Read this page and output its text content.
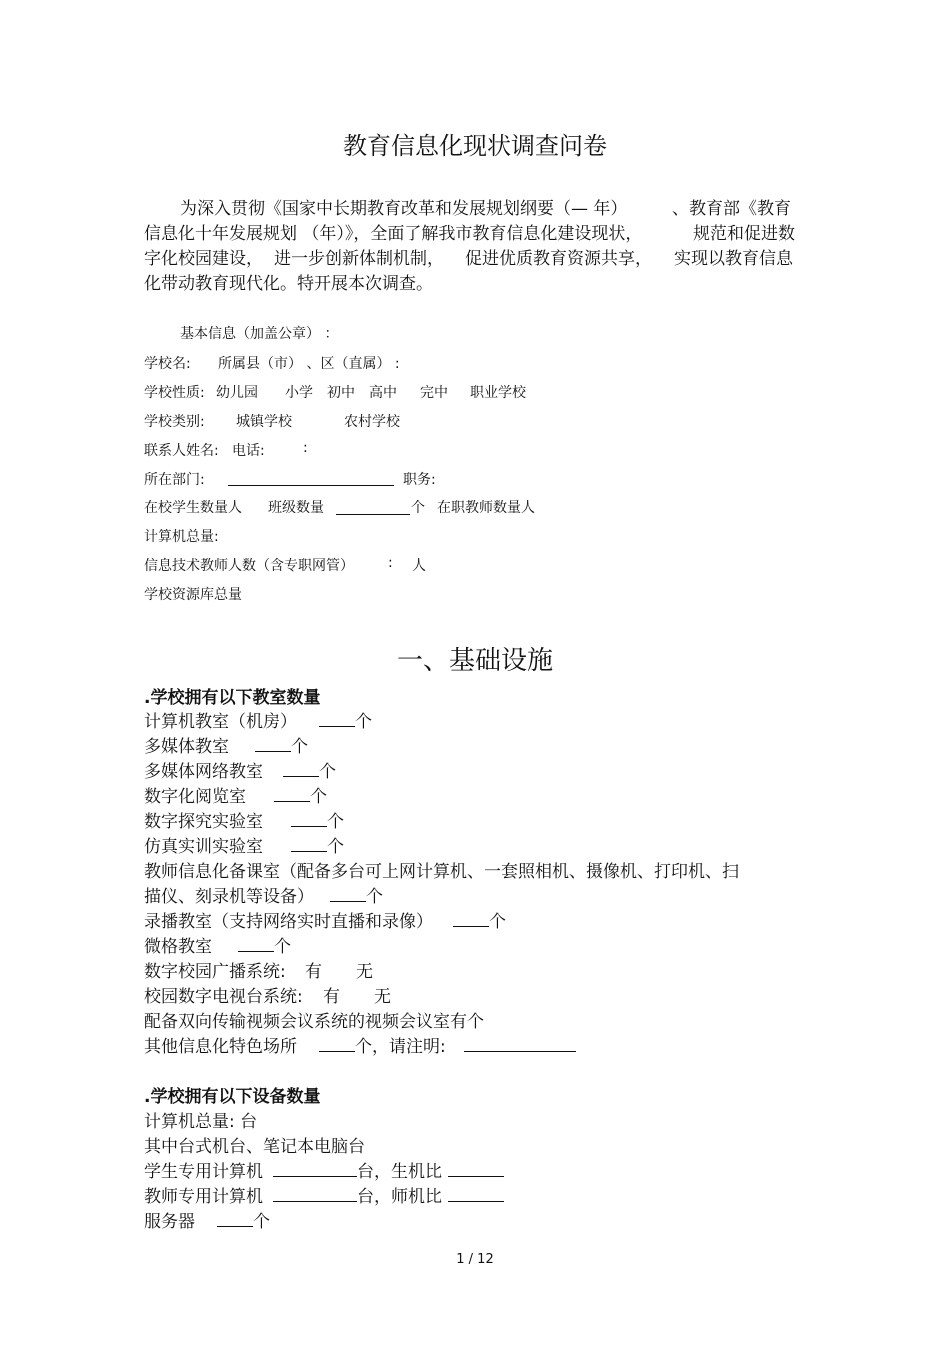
教育信息化现状调查问卷
为深入贯彻《国家中长期教育改革和发展规划纲要（— 年）	、教育部《教育
信息化十年发展规划 （年）》，全面了解我市教育信息化建设现状，	规范和促进数
字化校园建设， 进一步创新体制机制， 促进优质教育资源共享， 实现以教育信息
化带动教育现代化。特开展本次调查。
基本信息（加盖公章） ：
学校名: 所属县（市） 、区（直属） :
学校性质: 幼儿园 小学 初中 高中 完中 职业学校
学校类别: 城镇学校	农村学校
联系人姓名: 电话:	:
所在部门:	职务:
在校学生数量人 班级数量	个 在职教师数量人
计算机总量:
信息技术教师人数（含专职网管） : 人
学校资源库总量
一、基础设施
.学校拥有以下教室数量
计算机教室（机房）	个
多媒体教室	个
多媒体网络教室	个
数字化阅览室	个
数字探究实验室	个
仿真实训实验室	个
教师信息化备课室（配备多台可上网计算机、一套照相机、摄像机、打印机、扫
描仪、刻录机等设备）	个
录播教室（支持网络实时直播和录像）	个
微格教室	个
数字校园广播系统: 有 无
校园数字电视台系统: 有 无
配备双向传输视频会议系统的视频会议室有个
其他信息化特色场所	个，请注明:
.学校拥有以下设备数量
计算机总量: 台
其中台式机台、笔记本电脑台
学生专用计算机	台，生机比
教师专用计算机	台，师机比
服务器	个
1 / 12
